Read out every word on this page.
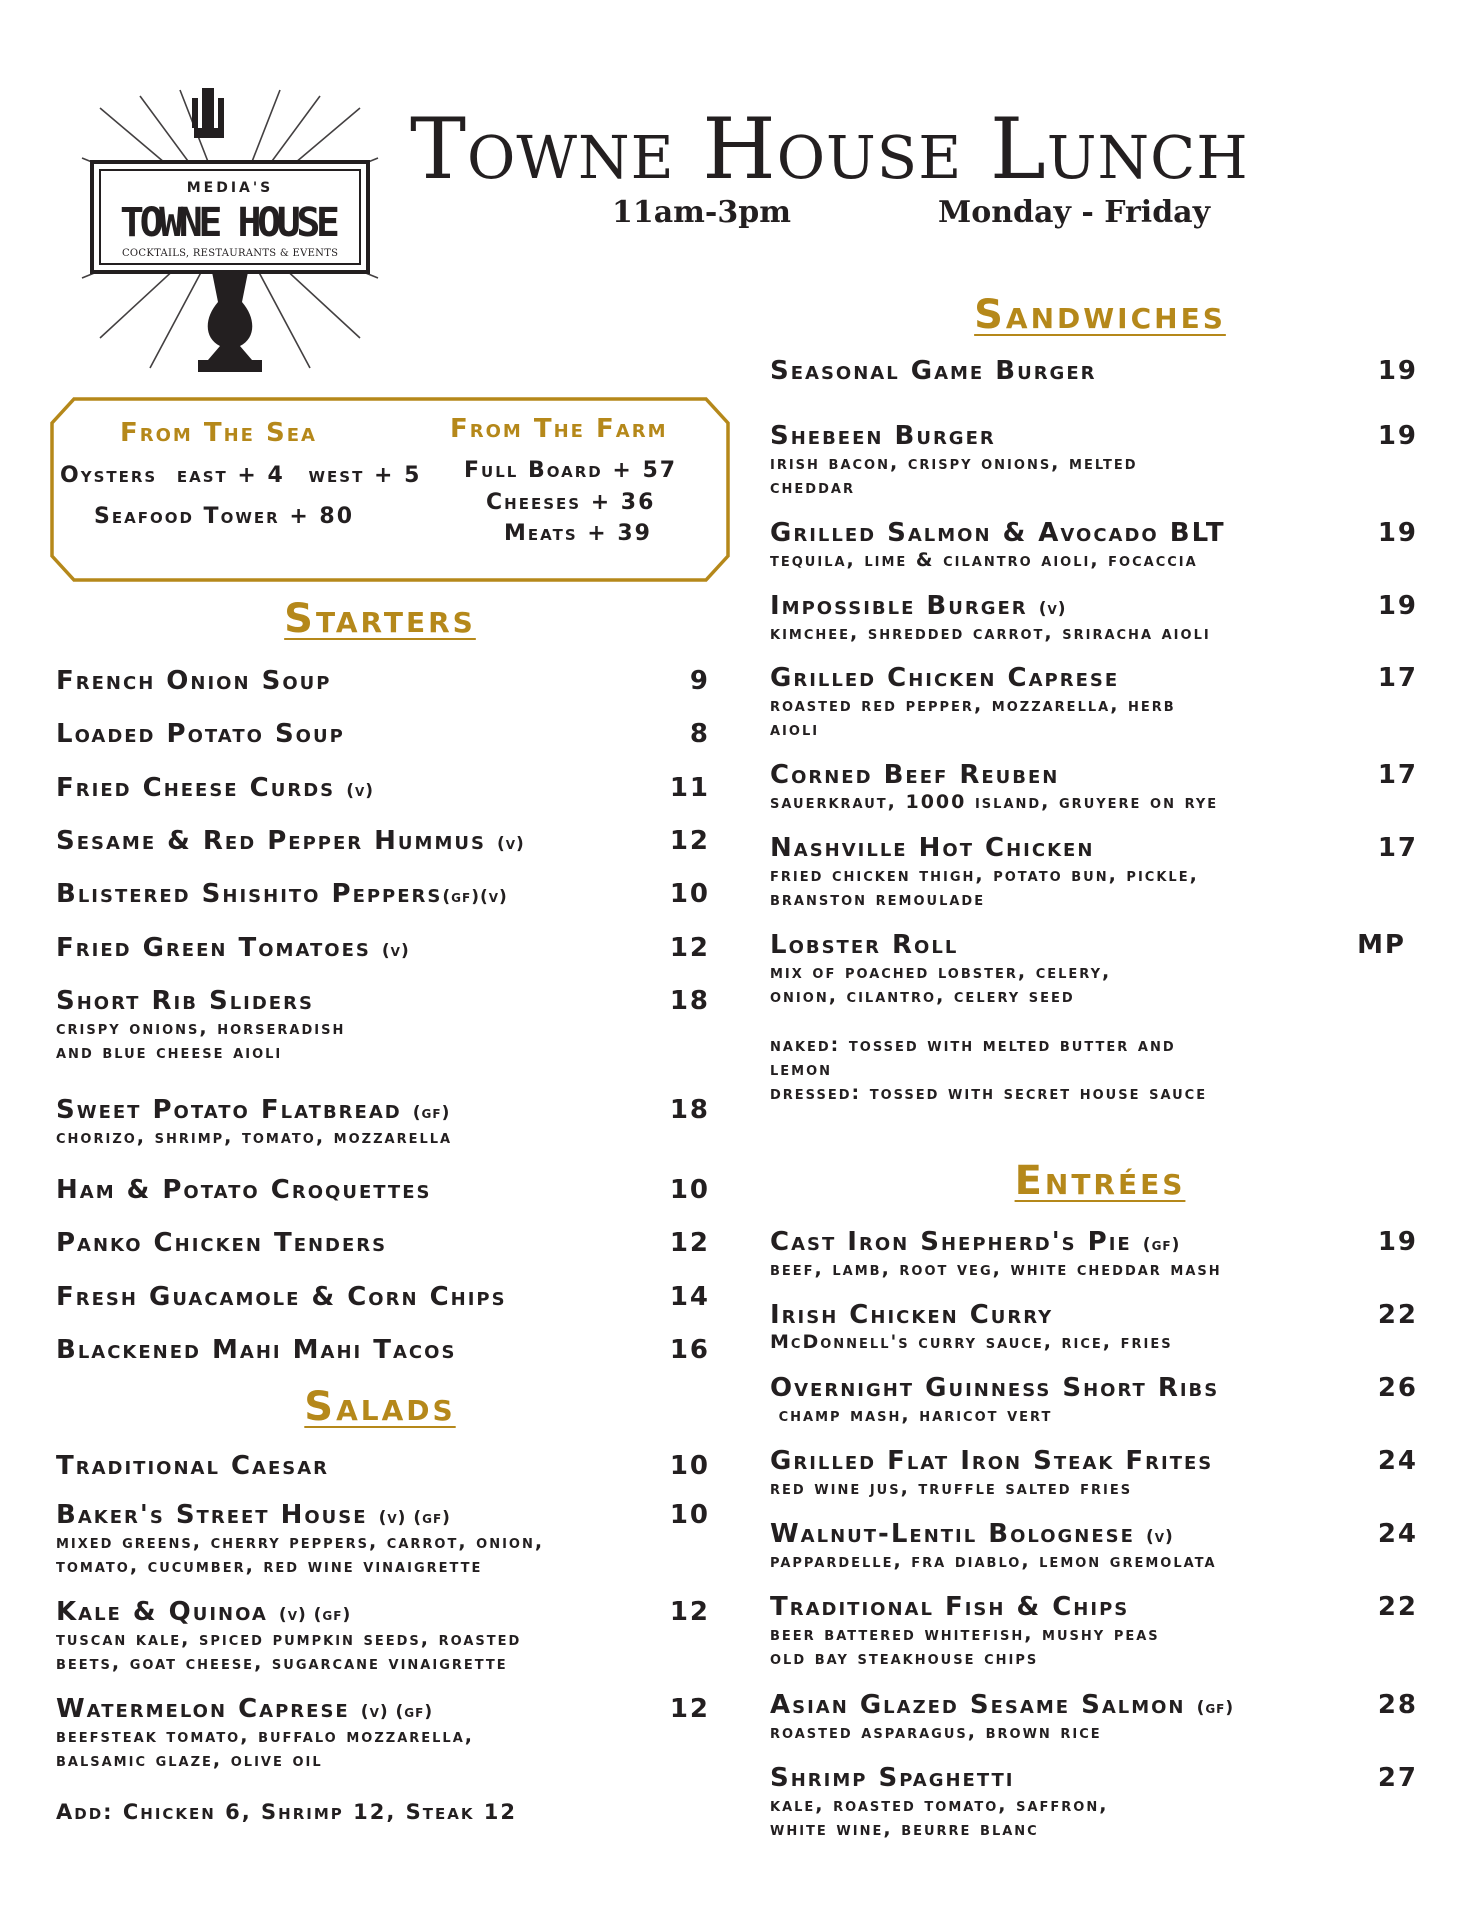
MEDIA'S
TOWNE HOUSE
COCKTAILS, RESTAURANTS & EVENTS
Towne House Lunch
11am-3pm	Monday - Friday
From The Sea
Oysters east + 4 west + 5
Seafood Tower + 80
From The Farm
Full Board + 57
Cheeses + 36
Meats + 39
Starters
Salads
Sandwiches
Entrées
French Onion Soup	9
Loaded Potato Soup	8
Fried Cheese Curds (v)	11
Sesame & Red Pepper Hummus (v)	12
Blistered Shishito Peppers(gf)(v)	10
Fried Green Tomatoes (v)	12
Short Rib Sliders	18
crispy onions, horseradish
and blue cheese aioli
Sweet Potato Flatbread (gf)	18
chorizo, shrimp, tomato, mozzarella
Ham & Potato Croquettes	10
Panko Chicken Tenders	12
Fresh Guacamole & Corn Chips	14
Blackened Mahi Mahi Tacos	16
Traditional Caesar	10
Baker's Street House (v) (gf)	10
mixed greens, cherry peppers, carrot, onion,
tomato, cucumber, red wine vinaigrette
Kale & Quinoa (v) (gf)	12
tuscan kale, spiced pumpkin seeds, roasted
beets, goat cheese, sugarcane vinaigrette
Watermelon Caprese (v) (gf)	12
beefsteak tomato, buffalo mozzarella,
balsamic glaze, olive oil
Add: Chicken 6, Shrimp 12, Steak 12
Seasonal Game Burger	19
Shebeen Burger	19
irish bacon, crispy onions, melted
cheddar
Grilled Salmon & Avocado BLT	19
tequila, lime & cilantro aioli, focaccia
Impossible Burger (v)	19
kimchee, shredded carrot, sriracha aioli
Grilled Chicken Caprese	17
roasted red pepper, mozzarella, herb
aioli
Corned Beef Reuben	17
sauerkraut, 1000 island, gruyere on rye
Nashville Hot Chicken	17
fried chicken thigh, potato bun, pickle,
branston remoulade
Lobster Roll	MP
mix of poached lobster, celery,
onion, cilantro, celery seed
naked: tossed with melted butter and
lemon
dressed: tossed with secret house sauce
Cast Iron Shepherd's Pie (gf)	19
beef, lamb, root veg, white cheddar mash
Irish Chicken Curry	22
McDonnell's curry sauce, rice, fries
Overnight Guinness Short Ribs	26
champ mash, haricot vert
Grilled Flat Iron Steak Frites	24
red wine jus, truffle salted fries
Walnut-Lentil Bolognese (v)	24
pappardelle, fra diablo, lemon gremolata
Traditional Fish & Chips	22
beer battered whitefish, mushy peas
old bay steakhouse chips
Asian Glazed Sesame Salmon (gf)	28
roasted asparagus, brown rice
Shrimp Spaghetti	27
kale, roasted tomato, saffron,
white wine, beurre blanc
